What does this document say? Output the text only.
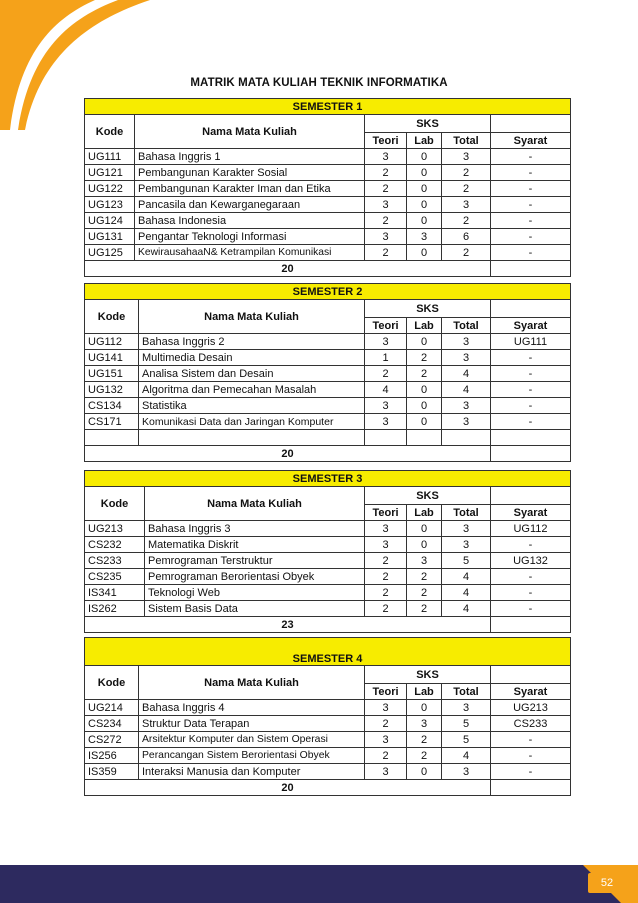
MATRIK MATA KULIAH TEKNIK INFORMATIKA
SEMESTER 1					
Kode	Nama Mata Kuliah	SKS			
		Teori	Lab	Total	Syarat
UG111	Bahasa Inggris 1	3	0	3	-
UG121	Pembangunan Karakter Sosial	2	0	2	-
UG122	Pembangunan Karakter Iman dan Etika	2	0	2	-
UG123	Pancasila dan Kewarganegaraan	3	0	3	-
UG124	Bahasa Indonesia	2	0	2	-
UG131	Pengantar Teknologi Informasi	3	3	6	-
UG125	KewirausahaaN& Ketrampilan Komunikasi	2	0	2	-
20					
SEMESTER 2					
Kode	Nama Mata Kuliah	SKS			
		Teori	Lab	Total	Syarat
UG112	Bahasa Inggris 2	3	0	3	UG111
UG141	Multimedia Desain	1	2	3	-
UG151	Analisa Sistem dan Desain	2	2	4	-
UG132	Algoritma dan Pemecahan Masalah	4	0	4	-
CS134	Statistika	3	0	3	-
CS171	Komunikasi Data dan Jaringan Komputer	3	0	3	-

20					
SEMESTER 3					
Kode	Nama Mata Kuliah	SKS			
		Teori	Lab	Total	Syarat
UG213	Bahasa Inggris 3	3	0	3	UG112
CS232	Matematika Diskrit	3	0	3	-
CS233	Pemrograman Terstruktur	2	3	5	UG132
CS235	Pemrograman Berorientasi Obyek	2	2	4	-
IS341	Teknologi Web	2	2	4	-
IS262	Sistem Basis Data	2	2	4	-
23					
SEMESTER 4					
Kode	Nama Mata Kuliah	SKS			
		Teori	Lab	Total	Syarat
UG214	Bahasa Inggris 4	3	0	3	UG213
CS234	Struktur Data Terapan	2	3	5	CS233
CS272	Arsitektur Komputer dan Sistem Operasi	3	2	5	-
IS256	Perancangan Sistem Berorientasi Obyek	2	2	4	-
IS359	Interaksi Manusia dan Komputer	3	0	3	-
20					
52
